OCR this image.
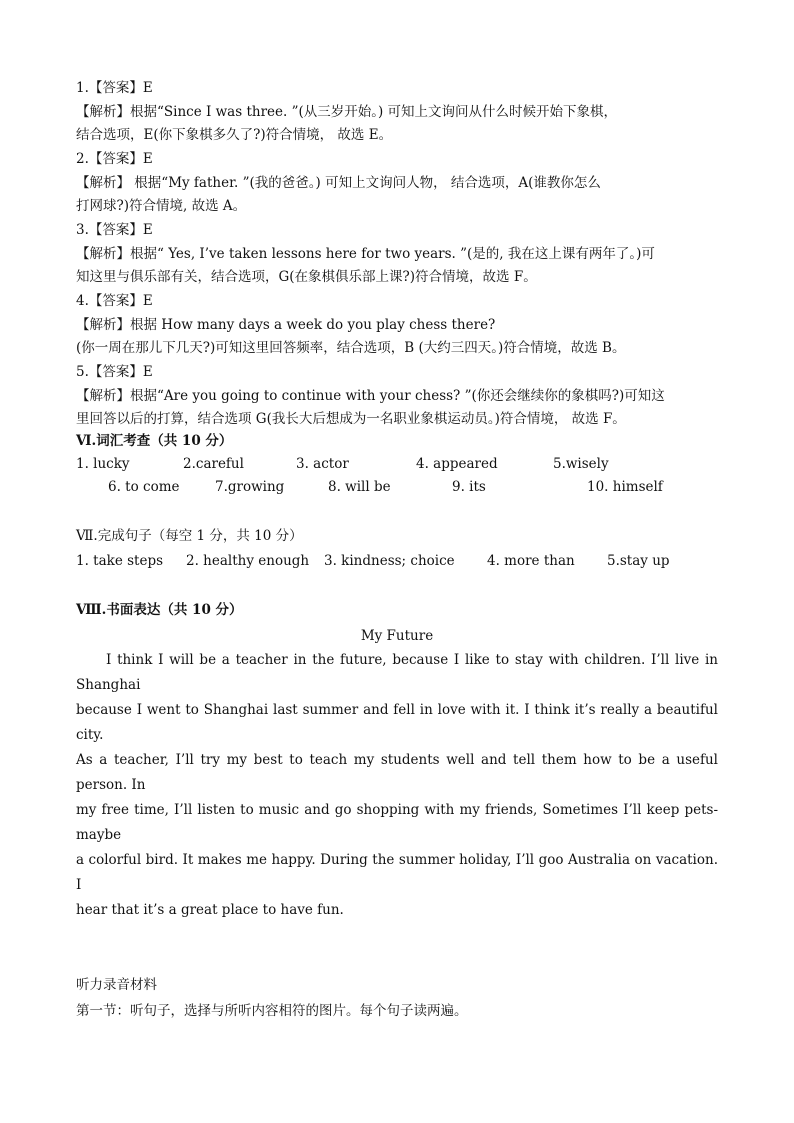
1.【答案】E
【解析】根据“Since I was three. ”(从三岁开始。) 可知上文询问从什么时候开始下象棋，
结合选项，E(你下象棋多久了?)符合情境， 故选 E。
2.【答案】E
【解析】 根据“My father. ”(我的爸爸。) 可知上文询问人物， 结合选项，A(谁教你怎么
打网球?)符合情境, 故选 A。
3.【答案】E
【解析】根据“ Yes, I’ve taken lessons here for two years. ”(是的, 我在这上课有两年了。)可
知这里与俱乐部有关，结合选项，G(在象棋俱乐部上课?)符合情境，故选 F。
4.【答案】E
【解析】根据 How many days a week do you play chess there?
(你一周在那儿下几天?)可知这里回答频率，结合选项，B (大约三四天。)符合情境，故选 B。
5.【答案】E
【解析】根据“Are you going to continue with your chess? ”(你还会继续你的象棋吗?)可知这
里回答以后的打算，结合选项 G(我长大后想成为一名职业象棋运动员。)符合情境， 故选 F。
Ⅵ.词汇考查（共 10 分）
1. lucky	2.careful	3. actor	4. appeared	5.wisely
6. to come	7.growing	8. will be	9. its	10. himself
Ⅶ.完成句子（每空 1 分，共 10 分）
1. take steps 2. healthy enough 3. kindness; choice 4. more than 5.stay up
Ⅷ.书面表达（共 10 分）
My Future
I think I will be a teacher in the future, because I like to stay with children. I’ll live in Shanghai
because I went to Shanghai last summer and fell in love with it. I think it’s really a beautiful city.
As a teacher, I’ll try my best to teach my students well and tell them how to be a useful person. In
my free time, I’ll listen to music and go shopping with my friends, Sometimes I’ll keep pets-maybe
a colorful bird. It makes me happy. During the summer holiday, I’ll goo Australia on vacation. I
hear that it’s a great place to have fun.
听力录音材料
第一节：听句子，选择与所听内容相符的图片。每个句子读两遍。
